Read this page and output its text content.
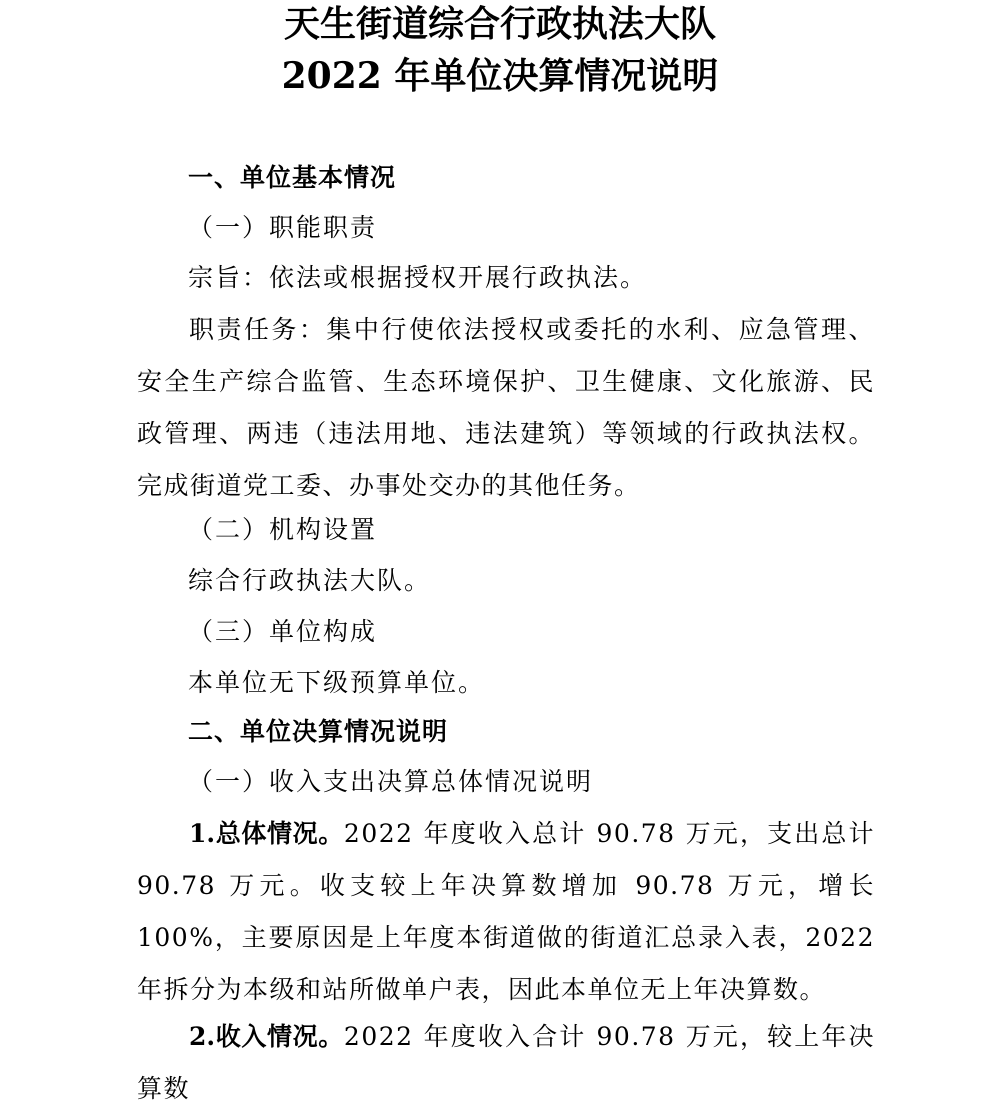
天生街道综合行政执法大队
2022 年单位决算情况说明
一、单位基本情况
（一）职能职责
宗旨：依法或根据授权开展行政执法。

职责任务：集中行使依法授权或委托的水利、应急管理、安全生产综合监管、生态环境保护、卫生健康、文化旅游、民政管理、两违（违法用地、违法建筑）等领域的行政执法权。完成街道党工委、办事处交办的其他任务。

（二）机构设置
综合行政执法大队。
（三）单位构成
本单位无下级预算单位。
二、单位决算情况说明
（一）收入支出决算总体情况说明

1.总体情况。2022 年度收入总计 90.78 万元，支出总计 90.78 万元。收支较上年决算数增加 90.78 万元，增长 100%，主要原因是上年度本街道做的街道汇总录入表，2022 年拆分为本级和站所做单户表，因此本单位无上年决算数。

2.收入情况。2022 年度收入合计 90.78 万元，较上年决算数
